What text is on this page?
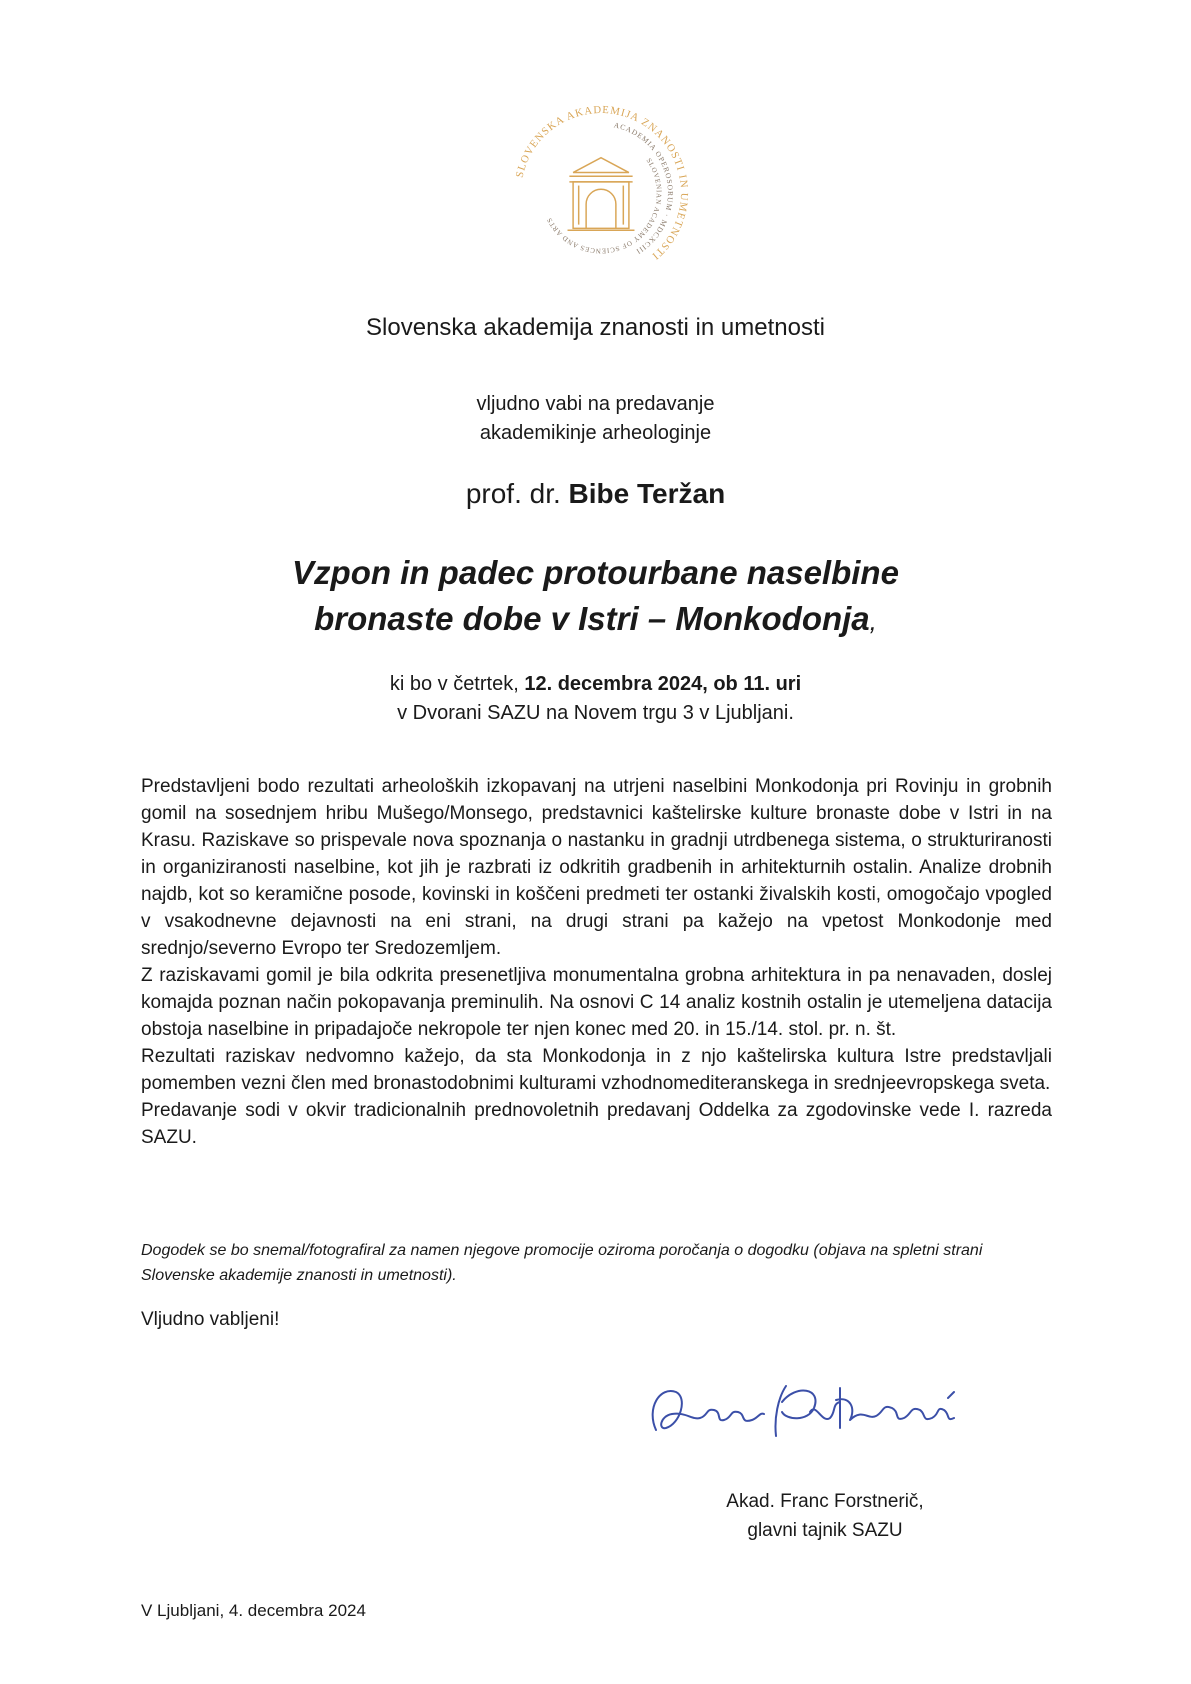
SLOVENSKA AKADEMIJA ZNANOSTI IN UMETNOSTI
ACADEMIA OPEROSORUM · MDCXCIII
SLOVENIAN ACADEMY OF SCIENCES AND ARTS
Slovenska akademija znanosti in umetnosti
vljudno vabi na predavanje
akademikinje arheologinje
prof. dr. Bibe Teržan
Vzpon in padec protourbane naselbine
bronaste dobe v Istri – Monkodonja,
ki bo v četrtek, 12. decembra 2024, ob 11. uri
v Dvorani SAZU na Novem trgu 3 v Ljubljani.

Predstavljeni bodo rezultati arheoloških izkopavanj na utrjeni naselbini Monkodonja pri Rovinju in grobnih gomil na sosednjem hribu Mušego/Monsego, predstavnici kaštelirske kulture bronaste dobe v Istri in na Krasu. Raziskave so prispevale nova spoznanja o nastanku in gradnji utrdbenega sistema, o strukturiranosti in organiziranosti naselbine, kot jih je razbrati iz odkritih gradbenih in arhitekturnih ostalin. Analize drobnih najdb, kot so keramične posode, kovinski in koščeni predmeti ter ostanki živalskih kosti, omogočajo vpogled v vsakodnevne dejavnosti na eni strani, na drugi strani pa kažejo na vpetost Monkodonje med srednjo/severno Evropo ter Sredozemljem.

Z raziskavami gomil je bila odkrita presenetljiva monumentalna grobna arhitektura in pa nenavaden, doslej komajda poznan način pokopavanja preminulih. Na osnovi C 14 analiz kostnih ostalin je utemeljena datacija obstoja naselbine in pripadajoče nekropole ter njen konec med 20. in 15./14. stol. pr. n. št.

Rezultati raziskav nedvomno kažejo, da sta Monkodonja in z njo kaštelirska kultura Istre predstavljali pomemben vezni člen med bronastodobnimi kulturami vzhodnomediteranskega in srednjeevropskega sveta.

Predavanje sodi v okvir tradicionalnih prednovoletnih predavanj Oddelka za zgodovinske vede I. razreda SAZU.

Dogodek se bo snemal/fotografiral za namen njegove promocije oziroma poročanja o dogodku (objava na spletni strani Slovenske akademije znanosti in umetnosti).
Vljudno vabljeni!
Akad. Franc Forstnerič,
glavni tajnik SAZU
V Ljubljani, 4. decembra 2024
